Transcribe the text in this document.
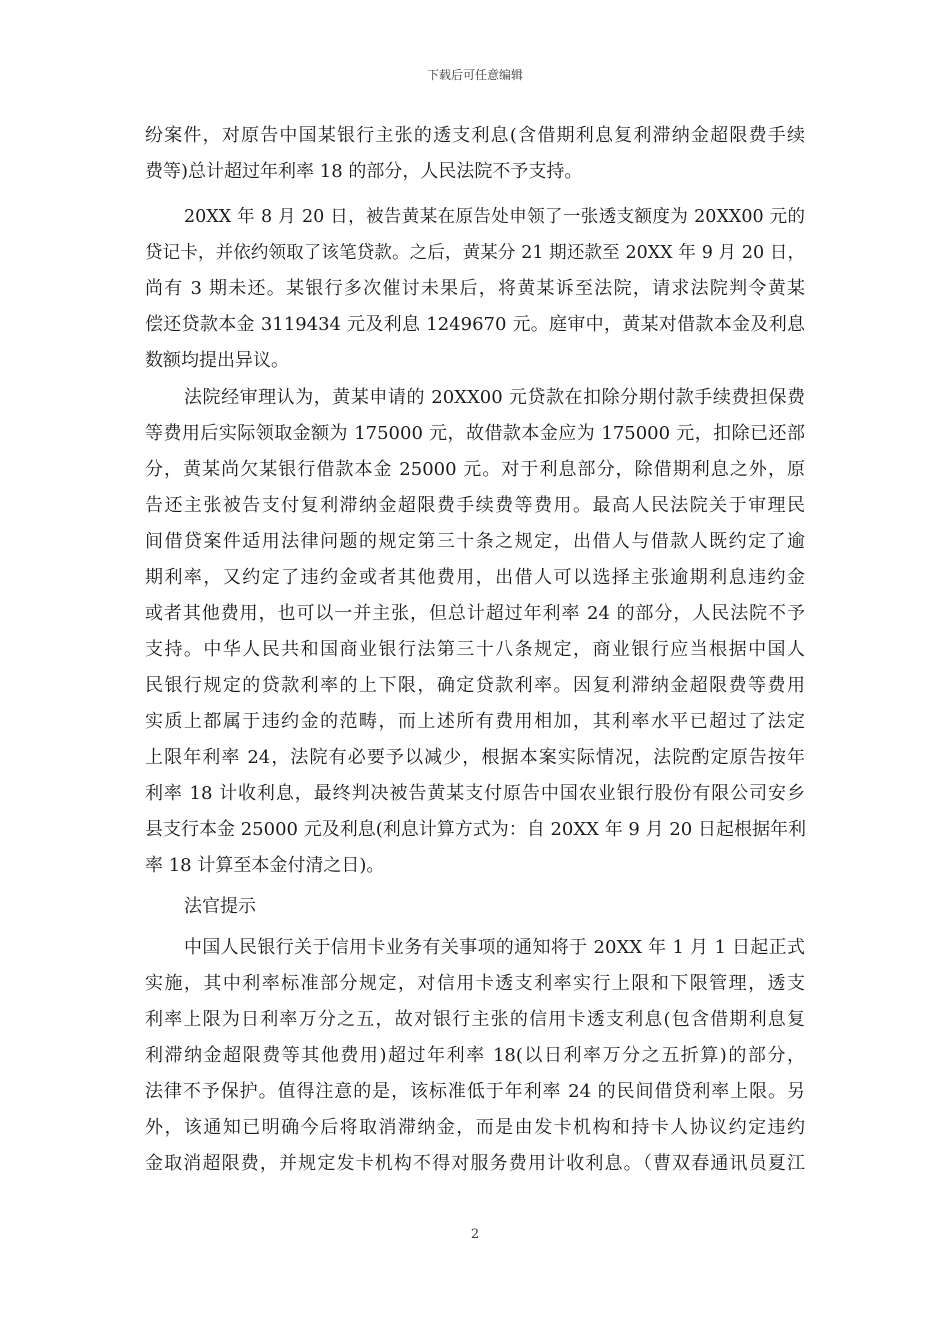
下载后可任意编辑
纷案件，对原告中国某银行主张的透支利息(含借期利息复利滞纳金超限费手续
费等)总计超过年利率 18 的部分，人民法院不予支持。
20XX 年 8 月 20 日，被告黄某在原告处申领了一张透支额度为 20XX00 元的
贷记卡，并依约领取了该笔贷款。之后，黄某分 21 期还款至 20XX 年 9 月 20 日，
尚有 3 期未还。某银行多次催讨未果后，将黄某诉至法院，请求法院判令黄某
偿还贷款本金 3119434 元及利息 1249670 元。庭审中，黄某对借款本金及利息
数额均提出异议。
法院经审理认为，黄某申请的 20XX00 元贷款在扣除分期付款手续费担保费
等费用后实际领取金额为 175000 元，故借款本金应为 175000 元，扣除已还部
分，黄某尚欠某银行借款本金 25000 元。对于利息部分，除借期利息之外，原
告还主张被告支付复利滞纳金超限费手续费等费用。最高人民法院关于审理民
间借贷案件适用法律问题的规定第三十条之规定，出借人与借款人既约定了逾
期利率，又约定了违约金或者其他费用，出借人可以选择主张逾期利息违约金
或者其他费用，也可以一并主张，但总计超过年利率 24 的部分，人民法院不予
支持。中华人民共和国商业银行法第三十八条规定，商业银行应当根据中国人
民银行规定的贷款利率的上下限，确定贷款利率。因复利滞纳金超限费等费用
实质上都属于违约金的范畴，而上述所有费用相加，其利率水平已超过了法定
上限年利率 24，法院有必要予以减少，根据本案实际情况，法院酌定原告按年
利率 18 计收利息，最终判决被告黄某支付原告中国农业银行股份有限公司安乡
县支行本金 25000 元及利息(利息计算方式为：自 20XX 年 9 月 20 日起根据年利
率 18 计算至本金付清之日)。
法官提示
中国人民银行关于信用卡业务有关事项的通知将于 20XX 年 1 月 1 日起正式
实施，其中利率标准部分规定，对信用卡透支利率实行上限和下限管理，透支
利率上限为日利率万分之五，故对银行主张的信用卡透支利息(包含借期利息复
利滞纳金超限费等其他费用)超过年利率 18(以日利率万分之五折算)的部分，
法律不予保护。值得注意的是，该标准低于年利率 24 的民间借贷利率上限。另
外，该通知已明确今后将取消滞纳金，而是由发卡机构和持卡人协议约定违约
金取消超限费，并规定发卡机构不得对服务费用计收利息。（曹双春通讯员夏江
2
